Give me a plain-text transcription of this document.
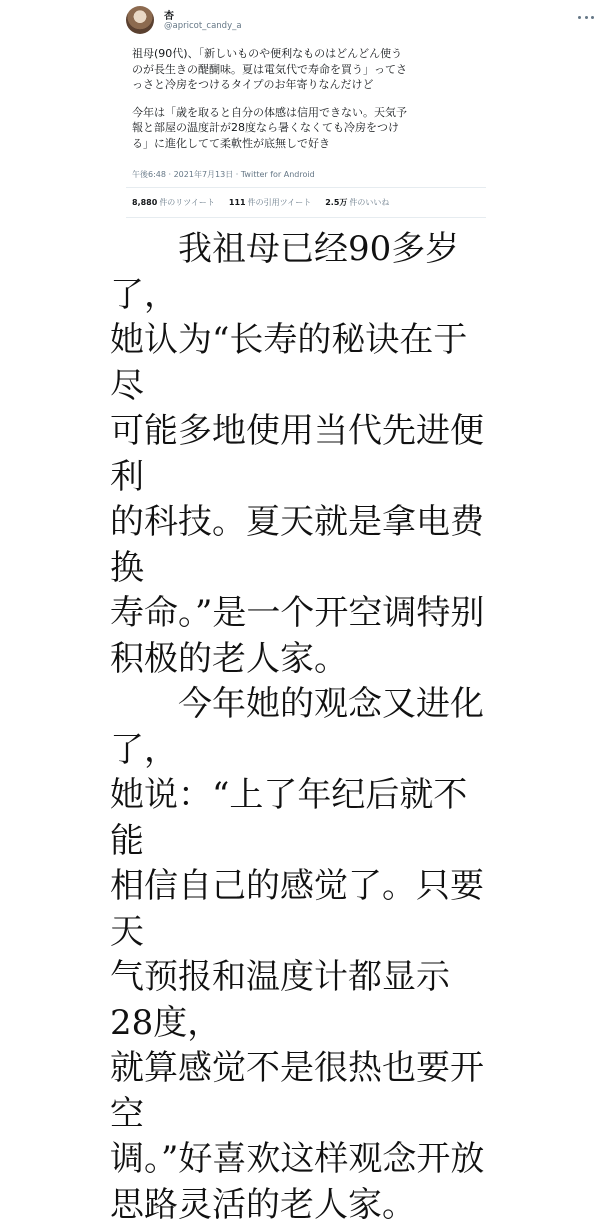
杏
@apricot_candy_a

祖母(90代)、「新しいものや便利なものはどんどん使う
のが長生きの醍醐味。夏は電気代で寿命を買う」ってさ
っさと冷房をつけるタイプのお年寄りなんだけど

今年は「歳を取ると自分の体感は信用できない。天気予
報と部屋の温度計が28度なら暑くなくても冷房をつけ
る」に進化してて柔軟性が底無しで好き

午後6:48 · 2021年7月13日 · Twitter for Android
8,880 件のリツイート 111 件の引用ツイート 2.5万 件のいいね

我祖母已经90多岁了，
她认为“长寿的秘诀在于尽
可能多地使用当代先进便利
的科技。夏天就是拿电费换
寿命。”是一个开空调特别
积极的老人家。

今年她的观念又进化了，
她说：“上了年纪后就不能
相信自己的感觉了。只要天
气预报和温度计都显示28度，
就算感觉不是很热也要开空
调。”好喜欢这样观念开放
思路灵活的老人家。
